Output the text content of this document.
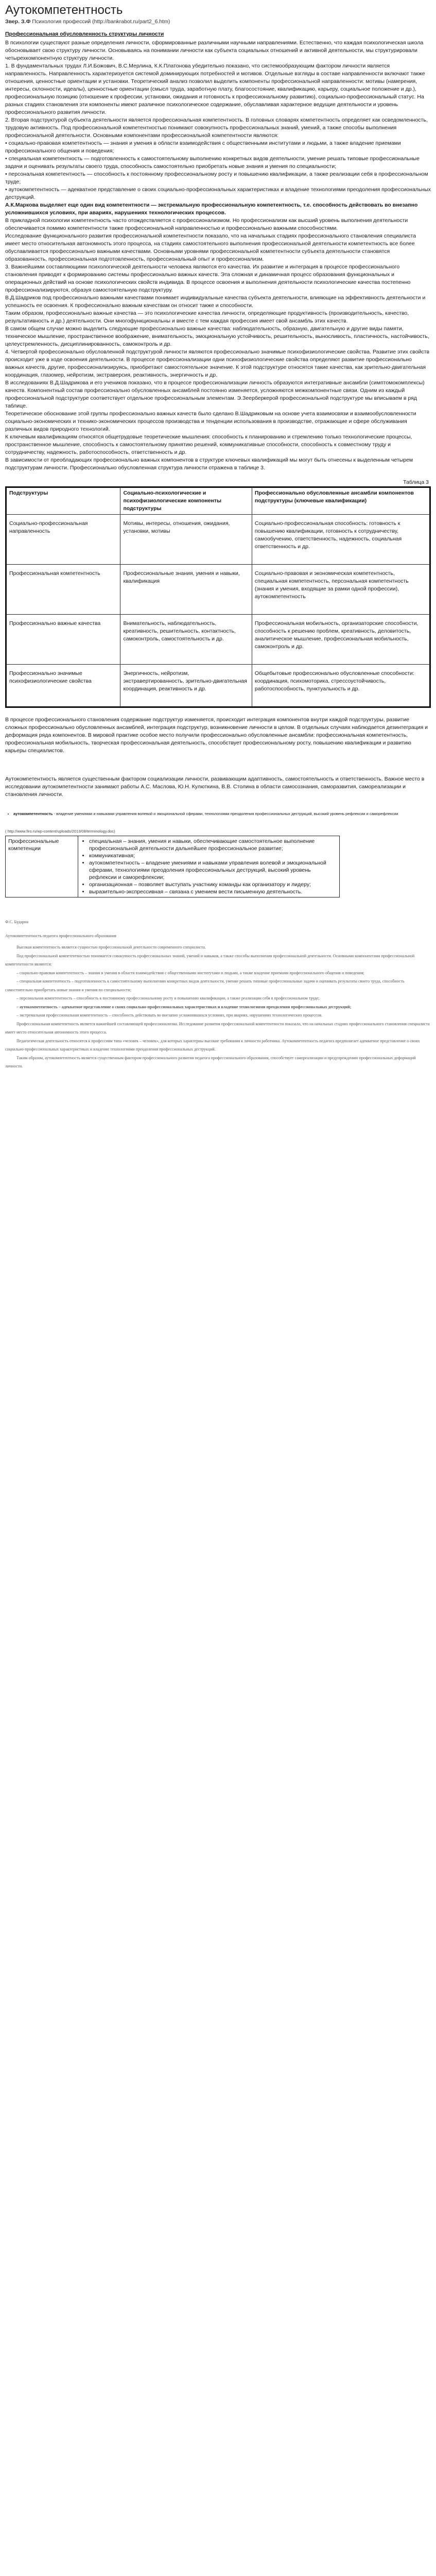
Аутокомпетентность
Звер. З.Ф Психология профессий (http://bankrabot.ru/part2_6.htm)
Профессиональная обусловленность структуры личности

В психологии существуют разные определения личности, сформированные различными научными направлениями. Естественно, что каждая психологическая школа обосновывает свою структуру личности. Основываясь на понимании личности как субъекта социальных отношений и активной деятельности, мы структурировали четырехкомпонентную структуру личности.

1. В фундаментальных трудах Л.И.Божович, В.С.Мерлина, К.К.Платонова убедительно показано, что системообразующим фактором личности является направленность. Направленность характеризуется системой доминирующих потребностей и мотивов. Отдельные взгляды в составе направленности включают также отношения, ценностные ориентации и установки. Теоретический анализ позволил выделить компоненты профессиональной направленности: мотивы (намерения, интересы, склонности, идеалы), ценностные ориентации (смысл труда, заработную плату, благосостояние, квалификацию, карьеру, социальное положение и др.), профессиональную позицию (отношение к профессии, установки, ожидания и готовность к профессиональному развитию), социально-профессиональный статус. На разных стадиях становления эти компоненты имеют различное психологическое содержание, обуславливая характерное ведущие деятельности и уровень профессионального развития личности.

2. Вторая подструктурой субъекта деятельности является профессиональная компетентность. В головных словарях компетентность определяет как осведомленность, трудовую активность. Под профессиональной компетентностью понимают совокупность профессиональных знаний, умений, а также способы выполнения профессиональной деятельности. Основными компонентами профессиональной компетентности являются:

• социально-правовая компетентность — знания и умения в области взаимодействия с общественными институтами и людьми, а также владение приемами профессионального общения и поведения;

• специальная компетентность — подготовленность к самостоятельному выполнению конкретных видов деятельности, умение решать типовые профессиональные задачи и оценивать результаты своего труда, способность самостоятельно приобретать новые знания и умения по специальности;

• персональная компетентность — способность к постоянному профессиональному росту и повышению квалификации, а также реализации себя в профессиональном труде;

• аутокомпетентность — адекватное представление о своих социально-профессиональных характеристиках и владение технологиями преодоления профессиональных деструкций.

А.К.Маркова выделяет еще один вид компетентности — экстремальную профессиональную компетентность, т.е. способность действовать во внезапно усложнившихся условиях, при авариях, нарушениях технологических процессов.

В прикладной психологии компетентность часто отождествляется с профессионализмом. Но профессионализм как высший уровень выполнения деятельности обеспечивается помимо компетентности также профессиональной направленностью и профессионально важными способностями.

Исследование функционального развития профессиональной компетентности показало, что на начальных стадиях профессионального становления специалиста имеет место относительная автономность этого процесса, на стадиях самостоятельного выполнения профессиональной деятельности компетентность все более обуславливается профессионально важными качествами. Основными уровнями профессиональной компетентности субъекта деятельности становятся образованность, профессиональная подготовленность, профессиональный опыт и профессионализм.

3. Важнейшими составляющими психологической деятельности человека являются его качества. Их развитие и интеграция в процессе профессионального становления приводят к формированию системы профессионально важных качеств. Эта сложная и динамичная процесс образования функциональных и операционных действий на основе психологических свойств индивида. В процессе освоения и выполнения деятельности психологические качества постепенно профессионализируются, образуя самостоятельную подструктуру.

В.Д.Шадриков под профессионально важными качествами понимает индивидуальные качества субъекта деятельности, влияющие на эффективность деятельности и успешность ее освоения. К профессионально важным качествам он относит также и способности.

Таким образом, профессионально важные качества — это психологические качества личности, определяющие продуктивность (производительность, качество, результативность и др.) деятельности. Они многофункциональны и вместе с тем каждая профессия имеет свой ансамбль этих качеств.

В самом общем случае можно выделить следующие профессионально важные качества: наблюдательность, образную, двигательную и другие виды памяти, техническое мышление, пространственное воображение, внимательность, эмоциональную устойчивость, решительность, выносливость, пластичность, настойчивость, целеустремленность, дисциплинированность, самоконтроль и др.

4. Четвертой профессионально обусловленной подструктурой личности являются профессионально значимые психофизиологические свойства. Развитие этих свойств происходит уже в ходе освоения деятельности. В процессе профессионализации одни психофизиологические свойства определяют развитие профессионально важных качеств, другие, профессионализируясь, приобретают самостоятельное значение. К этой подструктуре относятся такие качества, как зрительно-двигательная координация, глазомер, нейротизм, экстраверсия, реактивность, энергичность и др.

В исследованиях В.Д.Шадрикова и его учеников показано, что в процессе профессионализации личность образуются интегративные ансамбли (симптомокомплексы) качеств. Компонентный состав профессионально обусловленных ансамблей постоянно изменяется, усложняются межкомпонентные связи. Одним из каждый профессиональной подструктуре соответствует отдельное профессиональным элементам. Э.Зеерберкерой профессиональной подструктуре мы вписываем в ряд таблице.

Теоретическое обоснование этой группы профессионально важных качеств было сделано В.Шадриковым на основе учета взаимосвязи и взаимообусловленности социально-экономических и технико-экономических процессов производства и тенденции использования в производстве, отражающие и сфере обслуживания различных видов природного технологий.

К ключевым квалификациям относятся общетрудовые теоретические мышления: способность к планированию и стремлению только технологические процессы, пространственное мышление, способность к самостоятельному принятию решений, коммуникативные способности, способность к совместному труду и сотрудничеству, надежность, работоспособность, ответственность и др.

В зависимости от преобладающих профессионально важных компонентов в структуре ключевых квалификаций мы могут быть отнесены к выделенным четырем подструктурам личности. Профессионально обусловленная структура личности отражена в таблице 3.

Таблица 3
Подструктуры	Социально-психологические и психофизиологические компоненты подструктуры	Профессионально обусловленные ансамбли компонентов подструктуры (ключевые квалификации)
Социально-профессиональная направленность	Мотивы, интересы, отношения, ожидания, установки, мотивы	Социально-профессиональная способность: готовность к повышению квалификации, готовность к сотрудничеству, самообучению, ответственность, надежность, социальная ответственность и др.
Профессиональная компетентность	Профессиональные знания, умения и навыки, квалификация	Социально-правовая и экономическая компетентность, специальная компетентность, персональная компетентность (знания и умения, входящие за рамки одной профессии), аутокомпетентность
Профессионально важные качества	Внимательность, наблюдательность, креативность, решительность, контактность, самоконтроль, самостоятельность и др.	Профессиональная мобильность, организаторские способности, способность к решению проблем, креативность, деловитость, аналитическое мышление, профессиональная мобильность, самоконтроль и др.
Профессионально значимые психофизиологические свойства	Энергичность, нейротизм, экстравертированность, зрительно-двигательная координация, реактивность и др.	Общебытовые профессионально обусловленные способности: координация, психомоторика, стрессоустойчивость, работоспособность, пунктуальность и др.
В процессе профессионального становления содержание подструктур изменяется, происходит интеграция компонентов внутри каждой подструктуры, развитие сложных профессионально обусловленных ансамблей, интеграция подструктур, возникновение личности в целом. В отдельных случаях наблюдается дезинтеграция и деформация ряда компонентов. В мировой практике особое место получили профессионально обусловленные ансамбли: профессиональная компетентность, профессиональная мобильность, творческая профессиональная деятельность, способствует профессиональному росту, повышению квалификации и развитию карьеры специалистов.
Аутокомпетентность является существенным фактором социализации личности, развивающим адаптивность, самостоятельность и ответственность. Важное место в исследовании аутокомпетентности занимают работы А.С. Маслова, Ю.Н. Кулюткина, В.В. Столина в области самосознания, саморазвития, самореализации и становления личности.
• аутокомпетентность - владение умениями и навыками управления волевой и эмоциональной сферами, технологиями преодоления профессиональных деструкций, высокий уровень рефлексии и саморефлексии
( http://www.firo.ru/wp-content/uploads/2013/08/terminology.doc)
Профессиональные компетенции	
• специальная – знания, умения и навыки, обеспечивающие самостоятельное выполнение профессиональной деятельности дальнейшее профессиональное развитие;
• коммуникативная;
• аутокомпетентность – владение умениями и навыками управления волевой и эмоциональной сферами, технологиями преодоления профессиональных деструкций, высокий уровень рефлексии и саморефлексии;
• организационная – позволяет выступать участнику команды как организатору и лидеру;
• выразительно-экспрессивная – связана с умением вести письменную деятельность.

Ф.С. Бударна

Аутокомпетентность педагога профессионального образования

Высокая компетентность является сущностью профессиональной деятельности современного специалиста.

Под профессиональной компетентностью понимается совокупность профессиональных знаний, умений и навыков, а также способы выполнения профессиональной деятельности. Основными компонентами профессиональной компетентности являются:

– социально-правовая компетентность – знания и умения в области взаимодействия с общественными институтами и людьми, а также владение приемами профессионального общения и поведения;

– специальная компетентность – подготовленность к самостоятельному выполнению конкретных видов деятельности, умение решать типовые профессиональные задачи и оценивать результаты своего труда, способность самостоятельно приобретать новые знания и умения по специальности;

– персональная компетентность – способность к постоянному профессиональному росту и повышению квалификации, а также реализации себя в профессиональном труде;

– аутокомпетентность – адекватное представление о своих социально-профессиональных характеристиках и владение технологиями преодоления профессиональных деструкций;

– экстремальная профессиональная компетентность – способность действовать во внезапно усложнившихся условиях, при авариях, нарушениях технологических процессов.

Профессиональная компетентность является важнейшей составляющей профессионализма. Исследование развития профессиональной компетентности показало, что на начальных стадиях профессионального становления специалиста имеет место относительная автономность этого процесса.

Педагогическая деятельность относится к профессиям типа «человек – человек», для которых характерны высокие требования к личности работника. Аутокомпетентность педагога предполагает адекватное представление о своих социально-профессиональных характеристиках и владение технологиями преодоления профессиональных деструкций.

Таким образом, аутокомпетентность является существенным фактором профессионального развития педагога профессионального образования, способствует самореализации и предупреждению профессиональных деформаций личности.
